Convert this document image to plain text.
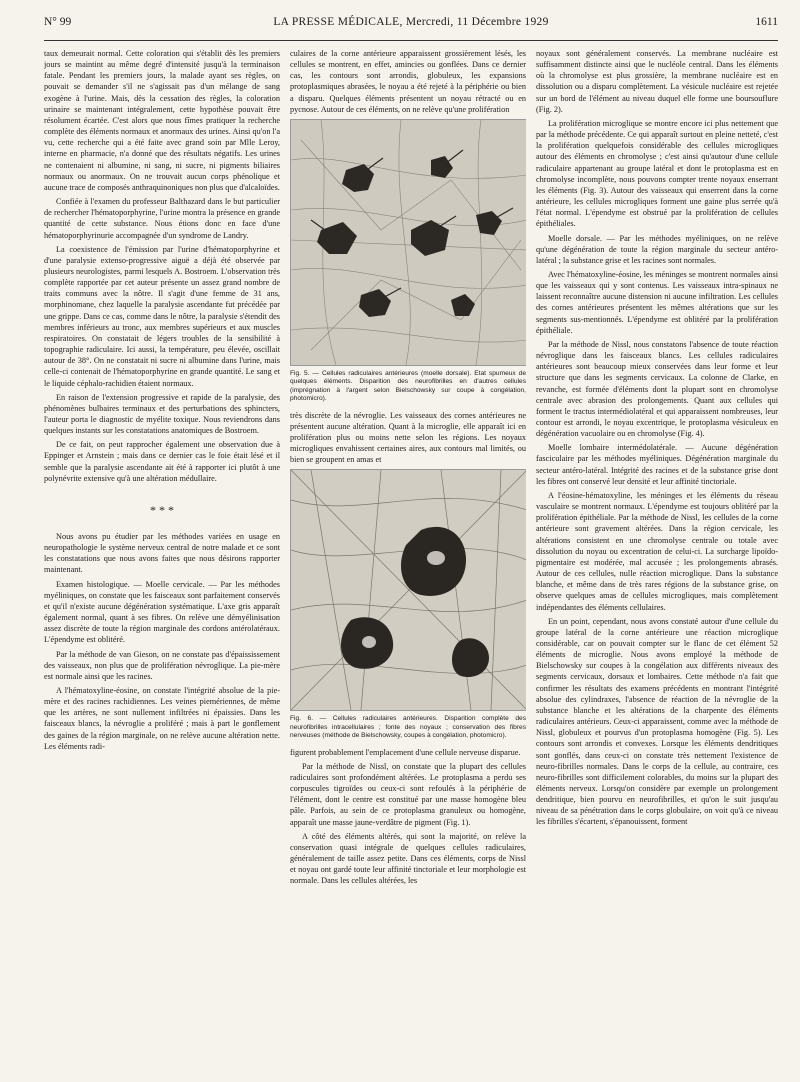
N° 99	LA PRESSE MÉDICALE, Mercredi, 11 Décembre 1929	1611

taux demeurait normal. Cette coloration qui s'établit dès les premiers jours se maintint au même degré d'intensité jusqu'à la terminaison fatale. Pendant les premiers jours, la malade ayant ses règles, on pouvait se demander s'il ne s'agissait pas d'un mélange de sang exogène à l'urine. Mais, dès la cessation des règles, la coloration urinaire se maintenant intégralement, cette hypothèse pouvait être résolument écartée. C'est alors que nous fîmes pratiquer la recherche complète des éléments normaux et anormaux des urines. Ainsi qu'on l'a vu, cette recherche qui a été faite avec grand soin par Mlle Leroy, interne en pharmacie, n'a donné que des résultats négatifs. Les urines ne contenaient ni albumine, ni sang, ni sucre, ni pigments biliaires normaux ou anormaux. On ne trouvait aucun corps phénolique et aucune trace de composés anthraquinoniques non plus que d'alcaloïdes.

Confiée à l'examen du professeur Balthazard dans le but particulier de rechercher l'hématoporphyrine, l'urine montra la présence en grande quantité de cette substance. Nous étions donc en face d'une hématoporphyrinurie accompagnée d'un syndrome de Landry.

La coexistence de l'émission par l'urine d'hématoporphyrine et d'une paralysie extenso-progressive aiguë a déjà été observée par plusieurs neurologistes, parmi lesquels A. Bostroem. L'observation très complète rapportée par cet auteur présente un assez grand nombre de traits communs avec la nôtre. Il s'agit d'une femme de 31 ans, morphinomane, chez laquelle la paralysie ascendante fut précédée par une grippe. Dans ce cas, comme dans le nôtre, la paralysie s'étendit des membres inférieurs au tronc, aux membres supérieurs et aux muscles respiratoires. On constatait de légers troubles de la sensibilité à topographie radiculaire. Ici aussi, la température, peu élevée, oscillait autour de 38°. On ne constatait ni sucre ni albumine dans l'urine, mais celle-ci contenait de l'hématoporphyrine en grande quantité. Le sang et le liquide céphalo-rachidien étaient normaux.

En raison de l'extension progressive et rapide de la paralysie, des phénomènes bulbaires terminaux et des perturbations des sphincters, l'auteur porta le diagnostic de myélite toxique. Nous reviendrons dans quelques instants sur les constatations anatomiques de Bostroem.

De ce fait, on peut rapprocher également une observation due à Eppinger et Arnstein ; mais dans ce dernier cas le foie était lésé et il semble que la paralysie ascendante ait été à rapporter ici plutôt à une polynévrite extensive qu'à une altération médullaire.

* * *

Nous avons pu étudier par les méthodes variées en usage en neuropathologie le système nerveux central de notre malade et ce sont les constatations que nous avons faites que nous désirons rapporter maintenant.

Examen histologique. — Moelle cervicale. — Par les méthodes myéliniques, on constate que les faisceaux sont parfaitement conservés et qu'il n'existe aucune dégénération systématique. L'axe gris apparaît également normal, quant à ses fibres. On relève une démyélinisation assez discrète de toute la région marginale des cordons antérolatéraux. L'épendyme est oblitéré.

Par la méthode de van Gieson, on ne constate pas d'épaississement des vaisseaux, non plus que de prolifération névroglique. La pie-mère est normale ainsi que les racines.

A l'hématoxyline-éosine, on constate l'intégrité absolue de la pie-mère et des racines rachidiennes. Les veines piemériennes, de même que les artères, ne sont nullement infiltrées ni épaissies. Dans les faisceaux blancs, la névroglie a proliféré ; mais à part le gonflement des gaines de la région marginale, on ne relève aucune altération nette. Les éléments radi-

culaires de la corne antérieure apparaissent grossièrement lésés, les cellules se montrent, en effet, amincies ou gonflées. Dans ce dernier cas, les contours sont arrondis, globuleux, les expansions protoplasmiques abrasées, le noyau a été rejeté à la périphérie ou bien a disparu. Quelques éléments présentent un noyau rétracté ou en pycnose. Autour de ces éléments, on ne relève qu'une prolifération

Fig. 5. — Cellules radiculaires antérieures (moelle dorsale). Etat spumeux de quelques éléments. Disparition des neurofibrilles en d'autres cellules (imprégnation à l'argent selon Bielschowsky sur coupe à congélation, photomicro).

très discrète de la névroglie. Les vaisseaux des cornes antérieures ne présentent aucune altération. Quant à la microglie, elle apparaît ici en prolifération plus ou moins nette selon les régions. Les noyaux microgliques envahissent certaines aires, aux contours mal limités, ou bien se groupent en amas et

Fig. 6. — Cellules radiculaires antérieures. Disparition complète des neurofibrilles intracellulaires ; fonte des noyaux ; conservation des fibres nerveuses (méthode de Bielschowsky, coupes à congélation, photomicro).

figurent probablement l'emplacement d'une cellule nerveuse disparue.

Par la méthode de Nissl, on constate que la plupart des cellules radiculaires sont profondément altérées. Le protoplasma a perdu ses corpuscules tigroïdes ou ceux-ci sont refoulés à la périphérie de l'élément, dont le centre est constitué par une masse homogène bleu pâle. Parfois, au sein de ce protoplasma granuleux ou homogène, apparaît une masse jaune-verdâtre de pigment (Fig. 1).

A côté des éléments altérés, qui sont la majorité, on relève la conservation quasi intégrale de quelques cellules radiculaires, généralement de taille assez petite. Dans ces éléments, corps de Nissl et noyau ont gardé toute leur affinité tinctoriale et leur morphologie est normale. Dans les cellules altérées, les

noyaux sont généralement conservés. La membrane nucléaire est suffisamment distincte ainsi que le nucléole central. Dans les éléments où la chromolyse est plus grossière, la membrane nucléaire est en dissolution ou a disparu complètement. La vésicule nucléaire est rejetée sur un bord de l'élément au niveau duquel elle forme une boursouflure (Fig. 2).

La prolifération microglique se montre encore ici plus nettement que par la méthode précédente. Ce qui apparaît surtout en pleine netteté, c'est la prolifération quelquefois considérable des cellules microgliques autour des éléments en chromolyse ; c'est ainsi qu'autour d'une cellule radiculaire appartenant au groupe latéral et dont le protoplasma est en chromolyse incomplète, nous pouvons compter trente noyaux enserrant les éléments (Fig. 3). Autour des vaisseaux qui enserrent dans la corne antérieure, les cellules microgliques forment une gaine plus serrée qu'à l'état normal. L'épendyme est obstrué par la prolifération de cellules épithéliales.

Moelle dorsale. — Par les méthodes myéliniques, on ne relève qu'une dégénération de toute la région marginale du secteur antéro-latéral ; la substance grise et les racines sont normales.

Avec l'hématoxyline-éosine, les méninges se montrent normales ainsi que les vaisseaux qui y sont contenus. Les vaisseaux intra-spinaux ne laissent reconnaître aucune distension ni aucune infiltration. Les cellules des cornes antérieures présentent les mêmes altérations que sur les segments sus-mentionnés. L'épendyme est oblitéré par la prolifération épithéliale.

Par la méthode de Nissl, nous constatons l'absence de toute réaction névroglique dans les faisceaux blancs. Les cellules radiculaires antérieures sont beaucoup mieux conservées dans leur forme et leur structure que dans les segments cervicaux. La colonne de Clarke, en revanche, est formée d'éléments dont la plupart sont en chromolyse centrale avec abrasion des prolongements. Quant aux cellules qui forment le tractus intermédiolatéral et qui apparaissent nombreuses, leur contour est arrondi, le noyau excentrique, le protoplasma vésiculeux en dégénération vacuolaire ou en chromolyse (Fig. 4).

Moelle lombaire intermédolatérale. — Aucune dégénération fasciculaire par les méthodes myéliniques. Dégénération marginale du secteur antéro-latéral. Intégrité des racines et de la substance grise dont les fibres ont conservé leur densité et leur affinité tinctoriale.

A l'éosine-hématoxyline, les méninges et les éléments du réseau vasculaire se montrent normaux. L'épendyme est toujours oblitéré par la prolifération épithéliale. Par la méthode de Nissl, les cellules de la corne antérieure sont gravement altérées. Dans la région cervicale, les altérations consistent en une chromolyse centrale ou totale avec dissolution du noyau ou excentration de celui-ci. La surcharge lipoïdo-pigmentaire est modérée, mal accusée ; les prolongements abrasés. Autour de ces cellules, nulle réaction microglique. Dans la substance blanche, et même dans de très rares régions de la substance grise, on observe quelques amas de cellules microgliques, mais complètement indépendantes des éléments cellulaires.

En un point, cependant, nous avons constaté autour d'une cellule du groupe latéral de la corne antérieure une réaction microglique considérable, car on pouvait compter sur le flanc de cet élément 52 éléments de microglie. Nous avons employé la méthode de Bielschowsky sur coupes à la congélation aux différents niveaux des segments cervicaux, dorsaux et lombaires. Cette méthode n'a fait que confirmer les résultats des examens précédents en montrant l'intégrité absolue des cylindraxes, l'absence de réaction de la névroglie de la substance blanche et les altérations de la charpente des éléments radiculaires antérieurs. Ceux-ci apparaissent, comme avec la méthode de Nissl, globuleux et pourvus d'un protoplasma homogène (Fig. 5). Les contours sont arrondis et convexes. Lorsque les éléments dendritiques sont gonflés, dans ceux-ci on constate très nettement l'existence de neuro-fibrilles normales. Dans le corps de la cellule, au contraire, ces neuro-fibrilles sont difficilement colorables, du moins sur la plupart des éléments nerveux. Lorsqu'on considère par exemple un prolongement dendritique, bien pourvu en neurofibrilles, et qu'on le suit jusqu'au niveau de sa pénétration dans le corps globulaire, on voit qu'à ce niveau les fibrilles s'écartent, s'épanouissent, forment
